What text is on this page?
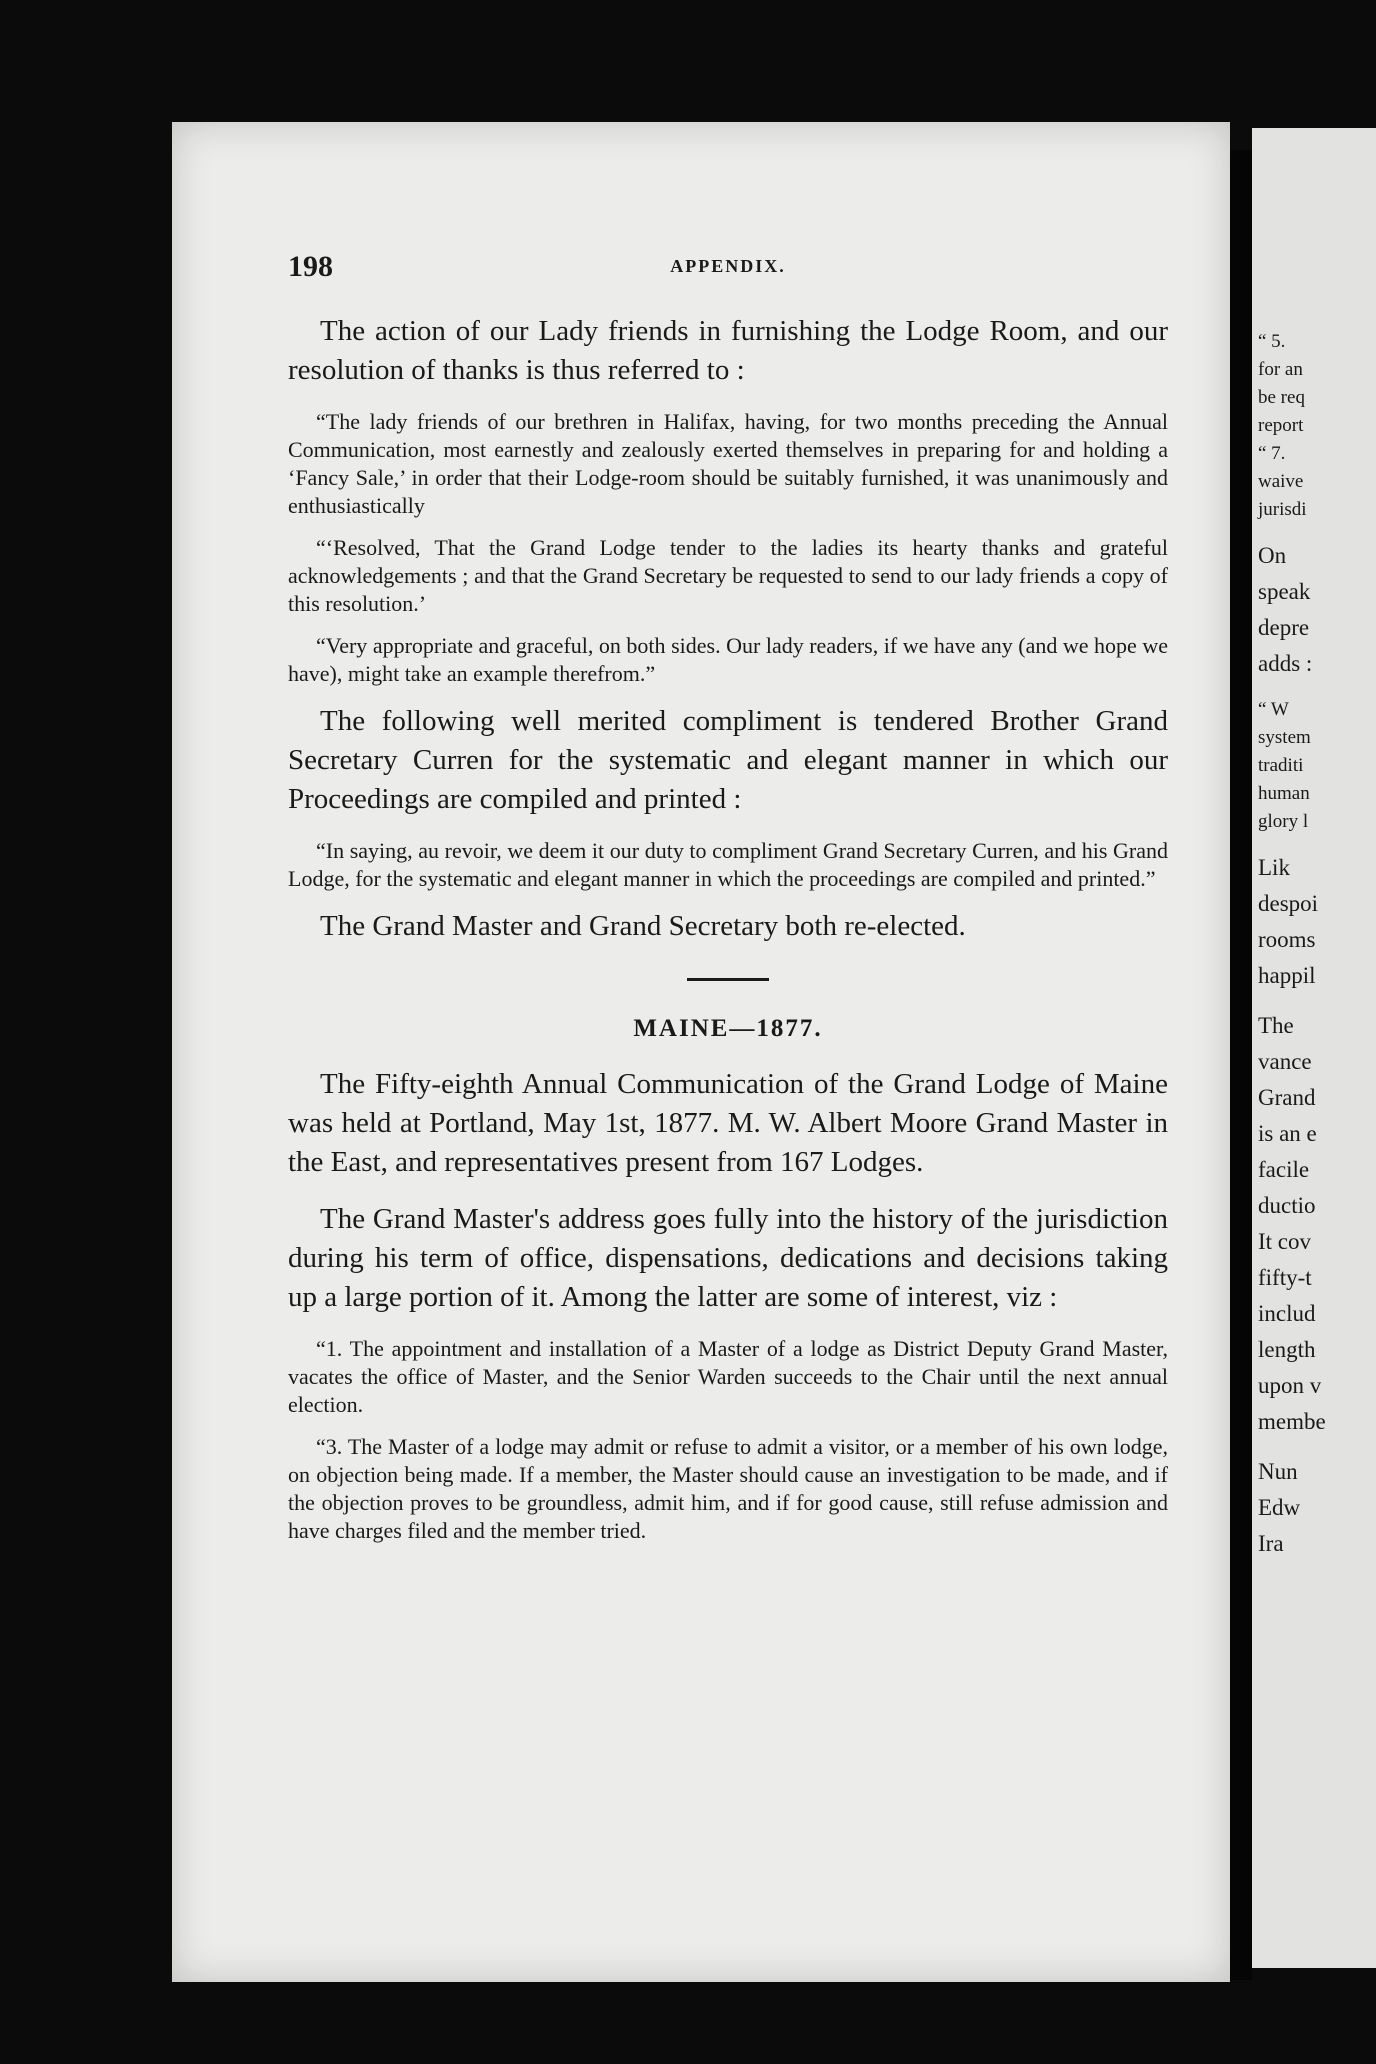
198	APPENDIX.

The action of our Lady friends in furnishing the Lodge Room, and our resolution of thanks is thus referred to :

“The lady friends of our brethren in Halifax, having, for two months preceding the Annual Communication, most earnestly and zealously exerted themselves in preparing for and holding a ‘Fancy Sale,’ in order that their Lodge-room should be suitably furnished, it was unanimously and enthusiastically

“‘Resolved, That the Grand Lodge tender to the ladies its hearty thanks and grateful acknowledgements ; and that the Grand Secretary be requested to send to our lady friends a copy of this resolution.’

“Very appropriate and graceful, on both sides. Our lady readers, if we have any (and we hope we have), might take an example therefrom.”

The following well merited compliment is tendered Brother Grand Secretary Curren for the systematic and elegant manner in which our Proceedings are compiled and printed :

“In saying, au revoir, we deem it our duty to compliment Grand Secretary Curren, and his Grand Lodge, for the systematic and elegant manner in which the proceedings are compiled and printed.”

The Grand Master and Grand Secretary both re-elected.

MAINE—1877.

The Fifty-eighth Annual Communication of the Grand Lodge of Maine was held at Portland, May 1st, 1877. M. W. Albert Moore Grand Master in the East, and representatives present from 167 Lodges.

The Grand Master's address goes fully into the history of the jurisdiction during his term of office, dispensations, dedications and decisions taking up a large portion of it. Among the latter are some of interest, viz :

“1. The appointment and installation of a Master of a lodge as District Deputy Grand Master, vacates the office of Master, and the Senior Warden succeeds to the Chair until the next annual election.

“3. The Master of a lodge may admit or refuse to admit a visitor, or a member of his own lodge, on objection being made. If a member, the Master should cause an investigation to be made, and if the objection proves to be groundless, admit him, and if for good cause, still refuse admission and have charges filed and the member tried.

“ 5.
for an
be req
report
“ 7.
waive
jurisdi
On
speak
depre
adds :
“ W
system
traditi
human
glory l
Lik
despoi
rooms
happil
The
vance
Grand
is an e
facile
ductio
It cov
fifty-t
includ
length
upon v
membe
Nun
Edw
Ira
